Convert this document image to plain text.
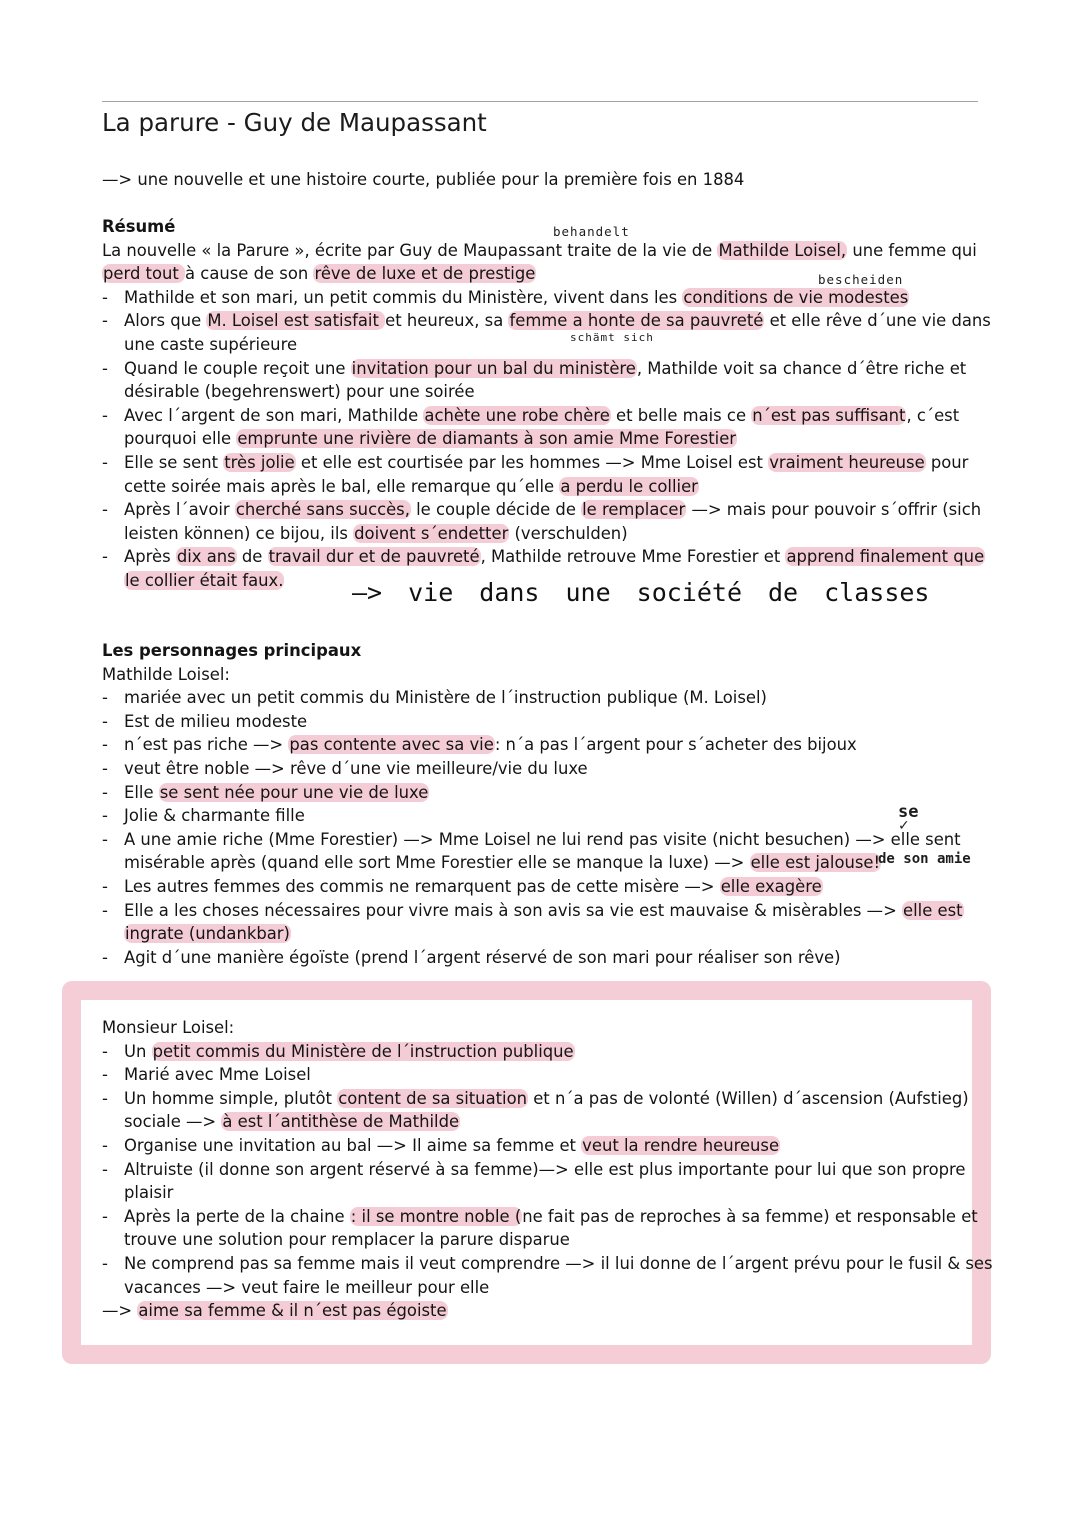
La parure - Guy de Maupassant
—> une nouvelle et une histoire courte, publiée pour la première fois en 1884
behandelt
bescheiden
schämt sich
Résumé
La nouvelle « la Parure », écrite par Guy de Maupassant traite de la vie de Mathilde Loisel, une femme qui
perd tout à cause de son rêve de luxe et de prestige
- Mathilde et son mari, un petit commis du Ministère, vivent dans les conditions de vie modestes
- Alors que M. Loisel est satisfait et heureux, sa femme a honte de sa pauvreté et elle rêve d´une vie dans
une caste supérieure
- Quand le couple reçoit une invitation pour un bal du ministère, Mathilde voit sa chance d´être riche et
désirable (begehrenswert) pour une soirée
- Avec l´argent de son mari, Mathilde achète une robe chère et belle mais ce n´est pas suffisant, c´est
pourquoi elle emprunte une rivière de diamants à son amie Mme Forestier
- Elle se sent très jolie et elle est courtisée par les hommes —> Mme Loisel est vraiment heureuse pour
cette soirée mais après le bal, elle remarque qu´elle a perdu le collier
- Après l´avoir cherché sans succès, le couple décide de le remplacer —> mais pour pouvoir s´offrir (sich
leisten können) ce bijou, ils doivent s´endetter (verschulden)
- Après dix ans de travail dur et de pauvreté, Mathilde retrouve Mme Forestier et apprend finalement que
le collier était faux.	—> vie dans une société de classes
Les personnages principaux
Mathilde Loisel:
- mariée avec un petit commis du Ministère de l´instruction publique (M. Loisel)
- Est de milieu modeste
- n´est pas riche —> pas contente avec sa vie: n´a pas l´argent pour s´acheter des bijoux
- veut être noble —> rêve d´une vie meilleure/vie du luxe
- Elle se sent née pour une vie de luxe
- Jolie & charmante fille
- A une amie riche (Mme Forestier) —> Mme Loisel ne lui rend pas visite (nicht besuchen) —> elle sent
misérable après (quand elle sort Mme Forestier elle se manque la luxe) —> elle est jalouse!
- Les autres femmes des commis ne remarquent pas de cette misère —> elle exagère
- Elle a les choses nécessaires pour vivre mais à son avis sa vie est mauvaise & misèrables —> elle est
ingrate (undankbar)
- Agit d´une manière égoïste (prend l´argent réservé de son mari pour réaliser son rêve)
se
✓
de son amie
Monsieur Loisel:
- Un petit commis du Ministère de l´instruction publique
- Marié avec Mme Loisel
- Un homme simple, plutôt content de sa situation et n´a pas de volonté (Willen) d´ascension (Aufstieg)
sociale —> à est l´antithèse de Mathilde
- Organise une invitation au bal —> Il aime sa femme et veut la rendre heureuse
- Altruiste (il donne son argent réservé à sa femme)—> elle est plus importante pour lui que son propre
plaisir
- Après la perte de la chaine : il se montre noble (ne fait pas de reproches à sa femme) et responsable et
trouve une solution pour remplacer la parure disparue
- Ne comprend pas sa femme mais il veut comprendre —> il lui donne de l´argent prévu pour le fusil & ses
vacances —> veut faire le meilleur pour elle
—> aime sa femme & il n´est pas égoiste
